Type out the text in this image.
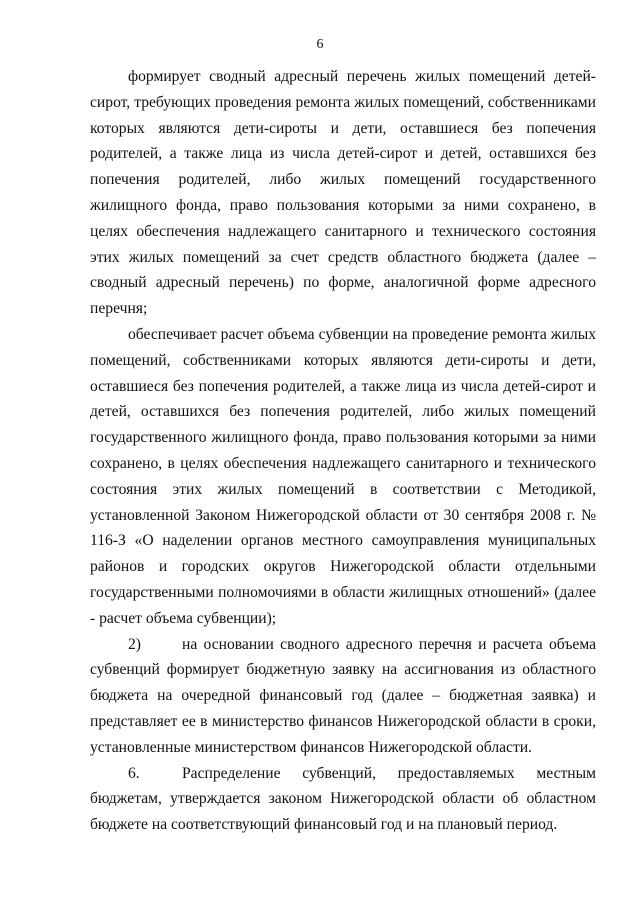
6

формирует сводный адресный перечень жилых помещений детей-сирот, требующих проведения ремонта жилых помещений, собственниками которых являются дети-сироты и дети, оставшиеся без попечения родителей, а также лица из числа детей-сирот и детей, оставшихся без попечения родителей, либо жилых помещений государственного жилищного фонда, право пользования которыми за ними сохранено, в целях обеспечения надлежащего санитарного и технического состояния этих жилых помещений за счет средств областного бюджета (далее – сводный адресный перечень) по форме, аналогичной форме адресного перечня;

обеспечивает расчет объема субвенции на проведение ремонта жилых помещений, собственниками которых являются дети-сироты и дети, оставшиеся без попечения родителей, а также лица из числа детей-сирот и детей, оставшихся без попечения родителей, либо жилых помещений государственного жилищного фонда, право пользования которыми за ними сохранено, в целях обеспечения надлежащего санитарного и технического состояния этих жилых помещений в соответствии с Методикой, установленной Законом Нижегородской области от 30 сентября 2008 г. № 116-З «О наделении органов местного самоуправления муниципальных районов и городских округов Нижегородской области отдельными государственными полномочиями в области жилищных отношений» (далее - расчет объема субвенции);

2)	на основании сводного адресного перечня и расчета объема субвенций формирует бюджетную заявку на ассигнования из областного бюджета на очередной финансовый год (далее – бюджетная заявка) и представляет ее в министерство финансов Нижегородской области в сроки, установленные министерством финансов Нижегородской области.

6.	Распределение субвенций, предоставляемых местным бюджетам, утверждается законом Нижегородской области об областном бюджете на соответствующий финансовый год и на плановый период.
